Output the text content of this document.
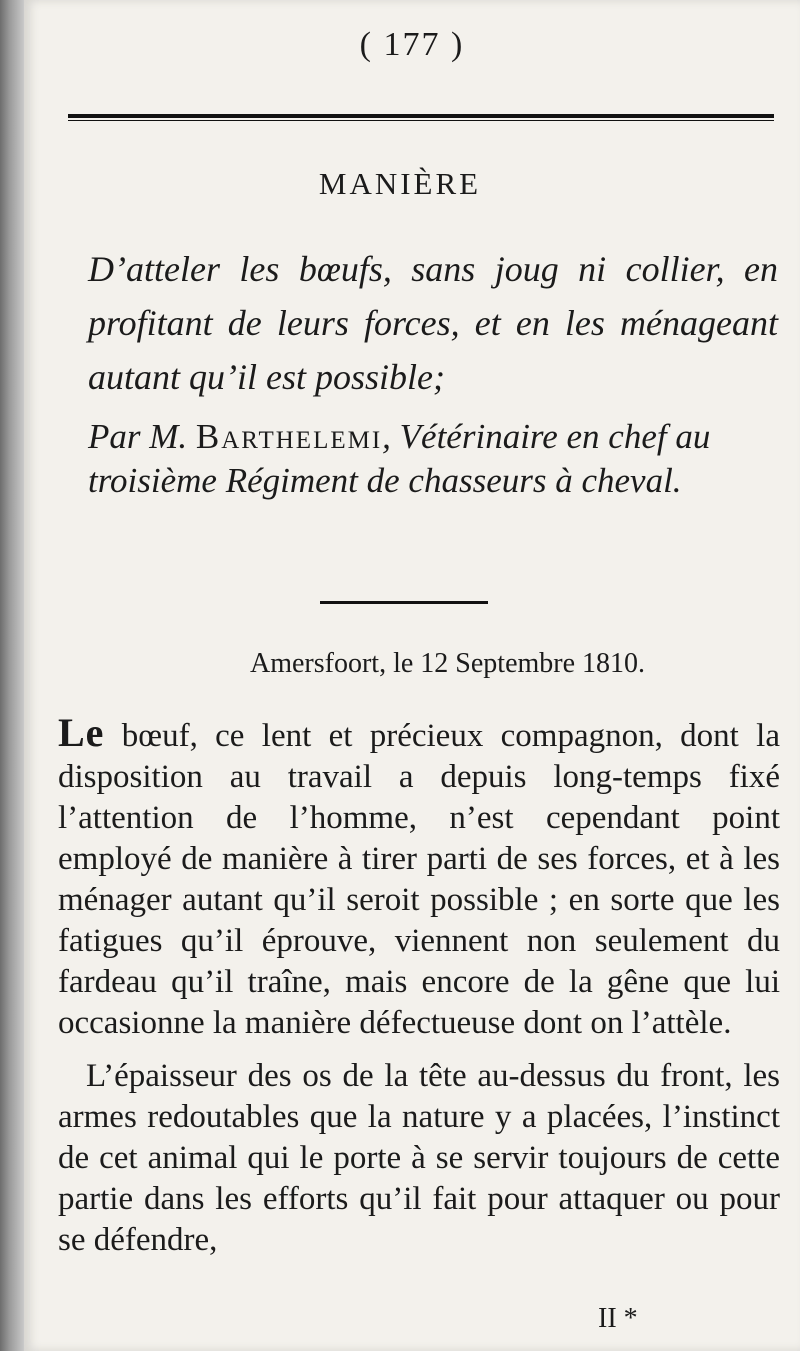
( 177 )
MANIÈRE
D’atteler les bœufs, sans joug ni collier, en profitant de leurs forces, et en les ménageant autant qu’il est possible;
Par M. Barthelemi, Vétérinaire en chef au troisième Régiment de chasseurs à cheval.
Amersfoort, le 12 Septembre 1810.

Le bœuf, ce lent et précieux compagnon, dont la disposition au travail a depuis long-temps fixé l’attention de l’homme, n’est cependant point employé de manière à tirer parti de ses forces, et à les ménager autant qu’il seroit possible ; en sorte que les fatigues qu’il éprouve, viennent non seulement du fardeau qu’il traîne, mais encore de la gêne que lui occasionne la manière défectueuse dont on l’attèle.

L’épaisseur des os de la tête au-dessus du front, les armes redoutables que la nature y a placées, l’instinct de cet animal qui le porte à se servir toujours de cette partie dans les efforts qu’il fait pour attaquer ou pour se défendre,

II *
